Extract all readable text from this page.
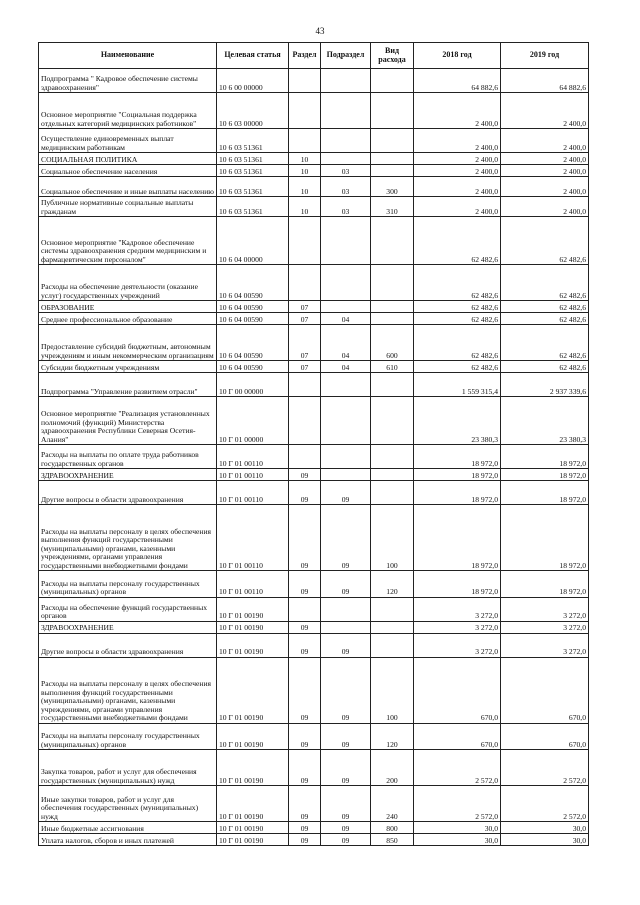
43
Наименование	Целевая статья	Раздел	Подраздел	Вид расхода	2018 год	2019 год
Подпрограмма " Кадровое обеспечение системы здравоохранения"	10 6 00 00000				64 882,6	64 882,6
Основное мероприятие "Социальная поддержка отдельных категорий медицинских работников"	10 6 03 00000				2 400,0	2 400,0
Осуществление единовременных выплат медицинским работникам	10 6 03 51361				2 400,0	2 400,0
СОЦИАЛЬНАЯ ПОЛИТИКА	10 6 03 51361	10			2 400,0	2 400,0
Социальное обеспечение населения	10 6 03 51361	10	03		2 400,0	2 400,0
Социальное обеспечение и иные выплаты населению	10 6 03 51361	10	03	300	2 400,0	2 400,0
Публичные нормативные социальные выплаты гражданам	10 6 03 51361	10	03	310	2 400,0	2 400,0
Основное мероприятие "Кадровое обеспечение системы здравоохранения средним медицинским и фармацевтическим персоналом"	10 6 04 00000				62 482,6	62 482,6
Расходы на обеспечение деятельности (оказание услуг) государственных учреждений	10 6 04 00590				62 482,6	62 482,6
ОБРАЗОВАНИЕ	10 6 04 00590	07			62 482,6	62 482,6
Среднее профессиональное образование	10 6 04 00590	07	04		62 482,6	62 482,6
Предоставление субсидий бюджетным, автономным учреждениям и иным некоммерческим организациям	10 6 04 00590	07	04	600	62 482,6	62 482,6
Субсидии бюджетным учреждениям	10 6 04 00590	07	04	610	62 482,6	62 482,6
Подпрограмма "Управление развитием отрасли"	10 Г 00 00000				1 559 315,4	2 937 339,6
Основное мероприятие "Реализация установленных полномочий (функций) Министерства здравоохранения Республики Северная Осетия-Алания"	10 Г 01 00000				23 380,3	23 380,3
Расходы на выплаты по оплате труда работников государственных органов	10 Г 01 00110				18 972,0	18 972,0
ЗДРАВООХРАНЕНИЕ	10 Г 01 00110	09			18 972,0	18 972,0

Другие вопросы в области здравоохранения	10 Г 01 00110	09	09		18 972,0	18 972,0
Расходы на выплаты персоналу в целях обеспечения выполнения функций государственными (муниципальными) органами, казенными учреждениями, органами управления государственными внебюджетными фондами	10 Г 01 00110	09	09	100	18 972,0	18 972,0

Расходы на выплаты персоналу государственных (муниципальных) органов	10 Г 01 00110	09	09	120	18 972,0	18 972,0
Расходы на обеспечение функций государственных органов	10 Г 01 00190				3 272,0	3 272,0
ЗДРАВООХРАНЕНИЕ	10 Г 01 00190	09			3 272,0	3 272,0

Другие вопросы в области здравоохранения	10 Г 01 00190	09	09		3 272,0	3 272,0
Расходы на выплаты персоналу в целях обеспечения выполнения функций государственными (муниципальными) органами, казенными учреждениями, органами управления государственными внебюджетными фондами	10 Г 01 00190	09	09	100	670,0	670,0

Расходы на выплаты персоналу государственных (муниципальных) органов	10 Г 01 00190	09	09	120	670,0	670,0
Закупка товаров, работ и услуг для обеспечения государственных (муниципальных) нужд	10 Г 01 00190	09	09	200	2 572,0	2 572,0
Иные закупки товаров, работ и услуг для обеспечения государственных (муниципальных) нужд	10 Г 01 00190	09	09	240	2 572,0	2 572,0
Иные бюджетные ассигнования	10 Г 01 00190	09	09	800	30,0	30,0
Уплата налогов, сборов и иных платежей	10 Г 01 00190	09	09	850	30,0	30,0
